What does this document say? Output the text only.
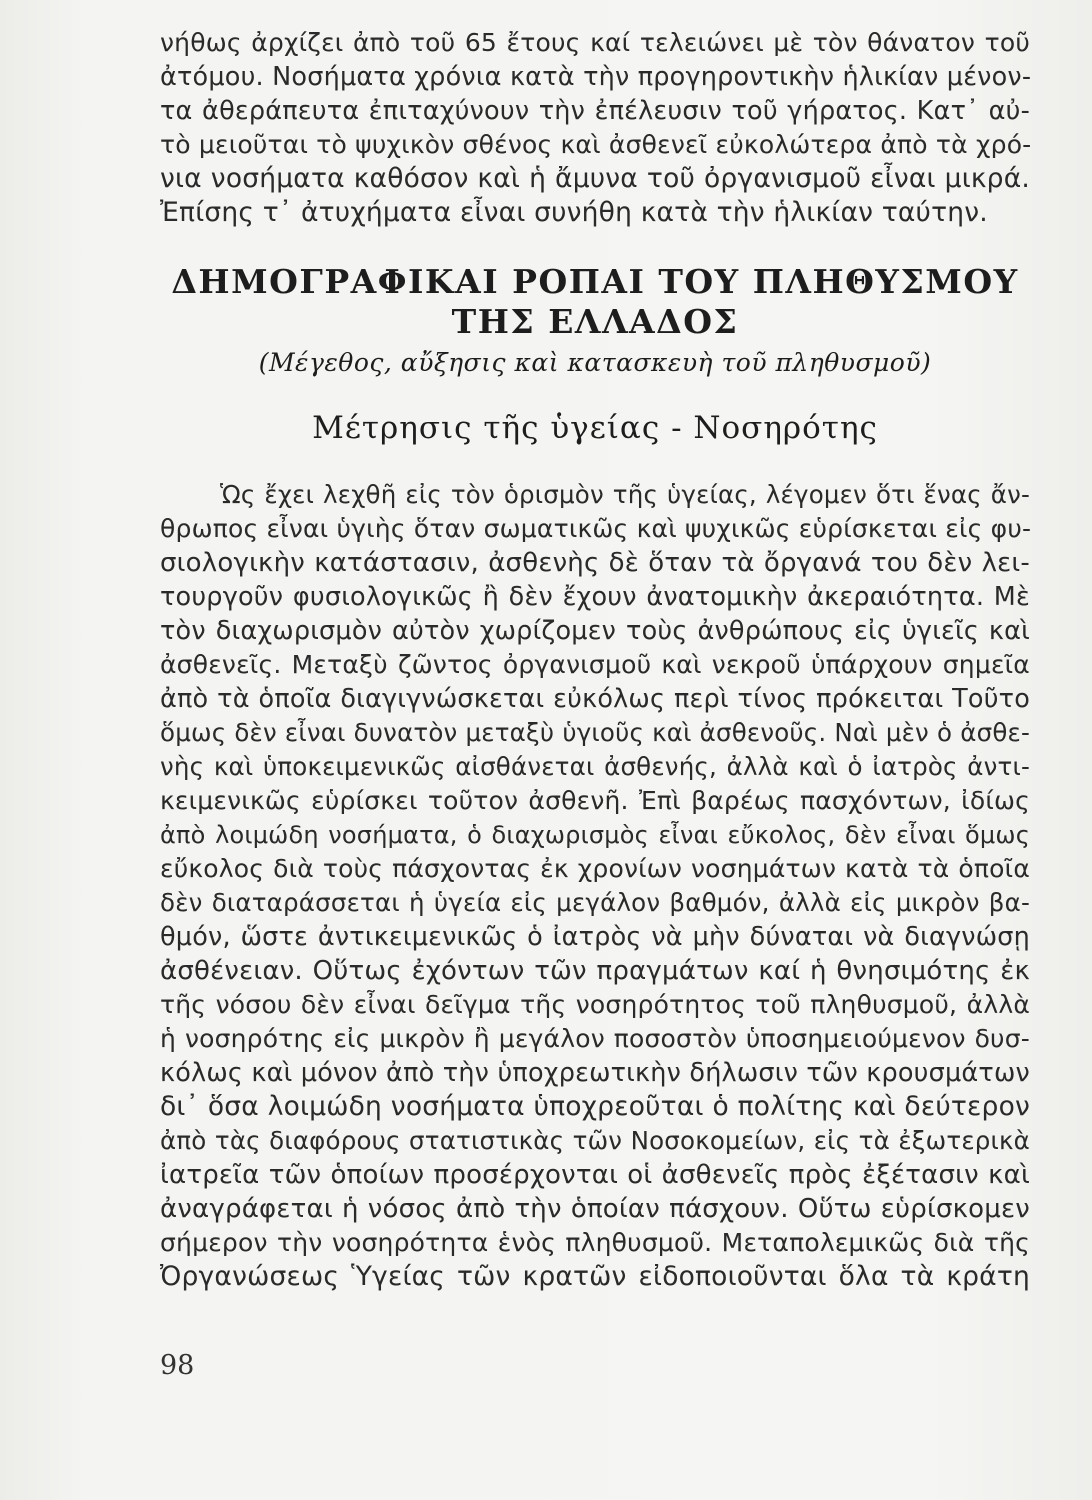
νήθως ἀρχίζει ἀπὸ τοῦ 65 ἔτους καί τελειώνει μὲ τὸν θάνατον τοῦ
ἀτόμου. Νοσήματα χρόνια κατὰ τὴν προγηροντικὴν ἡλικίαν μένον-
τα ἀθεράπευτα ἐπιταχύνουν τὴν ἐπέλευσιν τοῦ γήρατος. Κατ᾽ αὐ-
τὸ μειοῦται τὸ ψυχικὸν σθένος καὶ ἀσθενεῖ εὐκολώτερα ἀπὸ τὰ χρό-
νια νοσήματα καθόσον καὶ ἡ ἄμυνα τοῦ ὀργανισμοῦ εἶναι μικρά.
Ἐπίσης τ᾽ ἀτυχήματα εἶναι συνήθη κατὰ τὴν ἡλικίαν ταύτην.
ΔΗΜΟΓΡΑΦΙΚΑΙ ΡΟΠΑΙ ΤΟΥ ΠΛΗΘΥΣΜΟΥ
ΤΗΣ ΕΛΛΑΔΟΣ
(Μέγεθος, αὔξησις καὶ κατασκευὴ τοῦ πληθυσμοῦ)
Μέτρησις τῆς ὑγείας - Νοσηρότης
Ὡς ἔχει λεχθῆ εἰς τὸν ὁρισμὸν τῆς ὑγείας, λέγομεν ὅτι ἕνας ἄν-
θρωπος εἶναι ὑγιὴς ὅταν σωματικῶς καὶ ψυχικῶς εὑρίσκεται εἰς φυ-
σιολογικὴν κατάστασιν, ἀσθενὴς δὲ ὅταν τὰ ὄργανά του δὲν λει-
τουργοῦν φυσιολογικῶς ἢ δὲν ἔχουν ἀνατομικὴν ἀκεραιότητα. Μὲ
τὸν διαχωρισμὸν αὐτὸν χωρίζομεν τοὺς ἀνθρώπους εἰς ὑγιεῖς καὶ
ἀσθενεῖς. Μεταξὺ ζῶντος ὀργανισμοῦ καὶ νεκροῦ ὑπάρχουν σημεῖα
ἀπὸ τὰ ὁποῖα διαγιγνώσκεται εὐκόλως περὶ τίνος πρόκειται Τοῦτο
ὅμως δὲν εἶναι δυνατὸν μεταξὺ ὑγιοῦς καὶ ἀσθενοῦς. Ναὶ μὲν ὁ ἀσθε-
νὴς καὶ ὑποκειμενικῶς αἰσθάνεται ἀσθενής, ἀλλὰ καὶ ὁ ἰατρὸς ἀντι-
κειμενικῶς εὑρίσκει τοῦτον ἀσθενῆ. Ἐπὶ βαρέως πασχόντων, ἰδίως
ἀπὸ λοιμώδη νοσήματα, ὁ διαχωρισμὸς εἶναι εὔκολος, δὲν εἶναι ὅμως
εὔκολος διὰ τοὺς πάσχοντας ἐκ χρονίων νοσημάτων κατὰ τὰ ὁποῖα
δὲν διαταράσσεται ἡ ὑγεία εἰς μεγάλον βαθμόν, ἀλλὰ εἰς μικρὸν βα-
θμόν, ὥστε ἀντικειμενικῶς ὁ ἰατρὸς νὰ μὴν δύναται νὰ διαγνώσῃ
ἀσθένειαν. Οὕτως ἐχόντων τῶν πραγμάτων καί ἡ θνησιμότης ἐκ
τῆς νόσου δὲν εἶναι δεῖγμα τῆς νοσηρότητος τοῦ πληθυσμοῦ, ἀλλὰ
ἡ νοσηρότης εἰς μικρὸν ἢ μεγάλον ποσοστὸν ὑποσημειούμενον δυσ-
κόλως καὶ μόνον ἀπὸ τὴν ὑποχρεωτικὴν δήλωσιν τῶν κρουσμάτων
δι᾽ ὅσα λοιμώδη νοσήματα ὑποχρεοῦται ὁ πολίτης καὶ δεύτερον
ἀπὸ τὰς διαφόρους στατιστικὰς τῶν Νοσοκομείων, εἰς τὰ ἐξωτερικὰ
ἰατρεῖα τῶν ὁποίων προσέρχονται οἱ ἀσθενεῖς πρὸς ἐξέτασιν καὶ
ἀναγράφεται ἡ νόσος ἀπὸ τὴν ὁποίαν πάσχουν. Οὕτω εὑρίσκομεν
σήμερον τὴν νοσηρότητα ἑνὸς πληθυσμοῦ. Μεταπολεμικῶς διὰ τῆς
Ὀργανώσεως Ὑγείας τῶν κρατῶν εἰδοποιοῦνται ὅλα τὰ κράτη
98
